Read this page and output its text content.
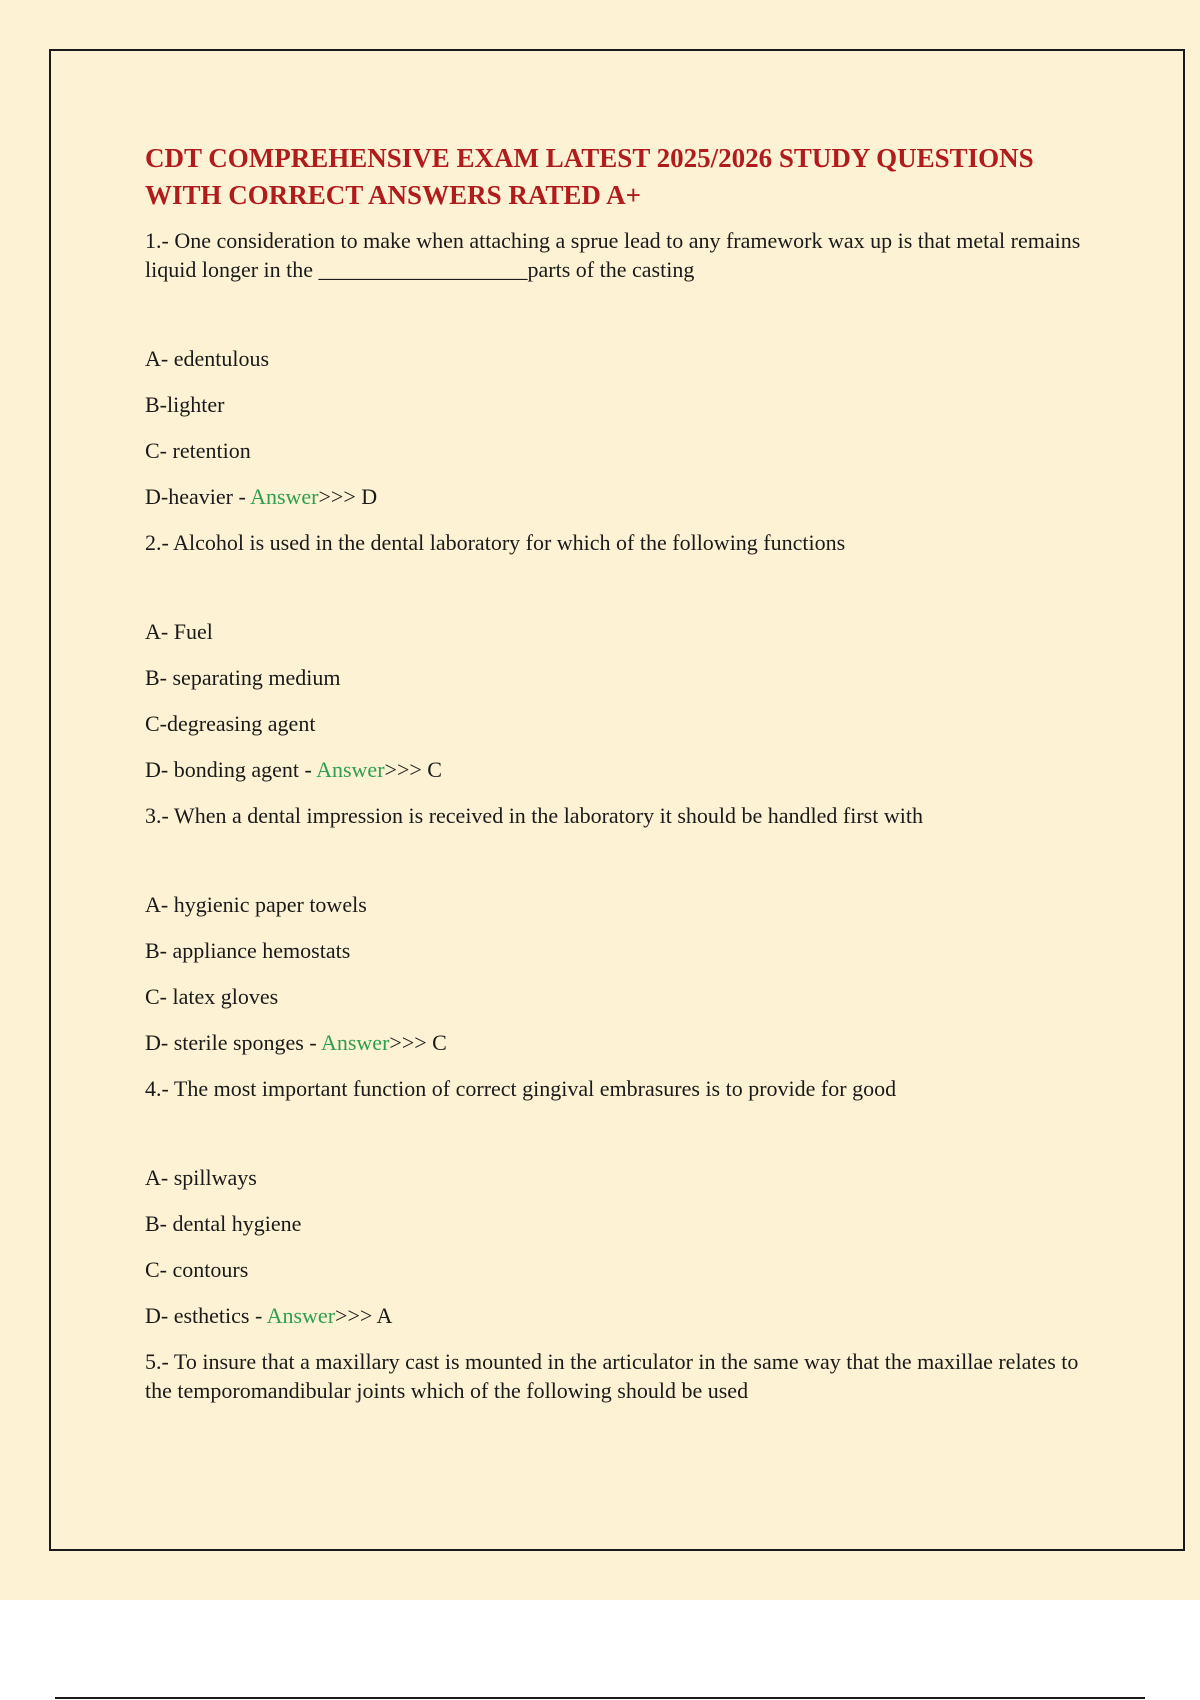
CDT COMPREHENSIVE EXAM LATEST 2025/2026 STUDY QUESTIONS WITH CORRECT ANSWERS RATED A+

1.- One consideration to make when attaching a sprue lead to any framework wax up is that metal remains liquid longer in the ___________________parts of the casting

A- edentulous

B-lighter

C- retention

D-heavier - Answer>>> D

2.- Alcohol is used in the dental laboratory for which of the following functions

A- Fuel

B- separating medium

C-degreasing agent

D- bonding agent - Answer>>> C

3.- When a dental impression is received in the laboratory it should be handled first with

A- hygienic paper towels

B- appliance hemostats

C- latex gloves

D- sterile sponges - Answer>>> C

4.- The most important function of correct gingival embrasures is to provide for good

A- spillways

B- dental hygiene

C- contours

D- esthetics - Answer>>> A

5.- To insure that a maxillary cast is mounted in the articulator in the same way that the maxillae relates to the temporomandibular joints which of the following should be used
